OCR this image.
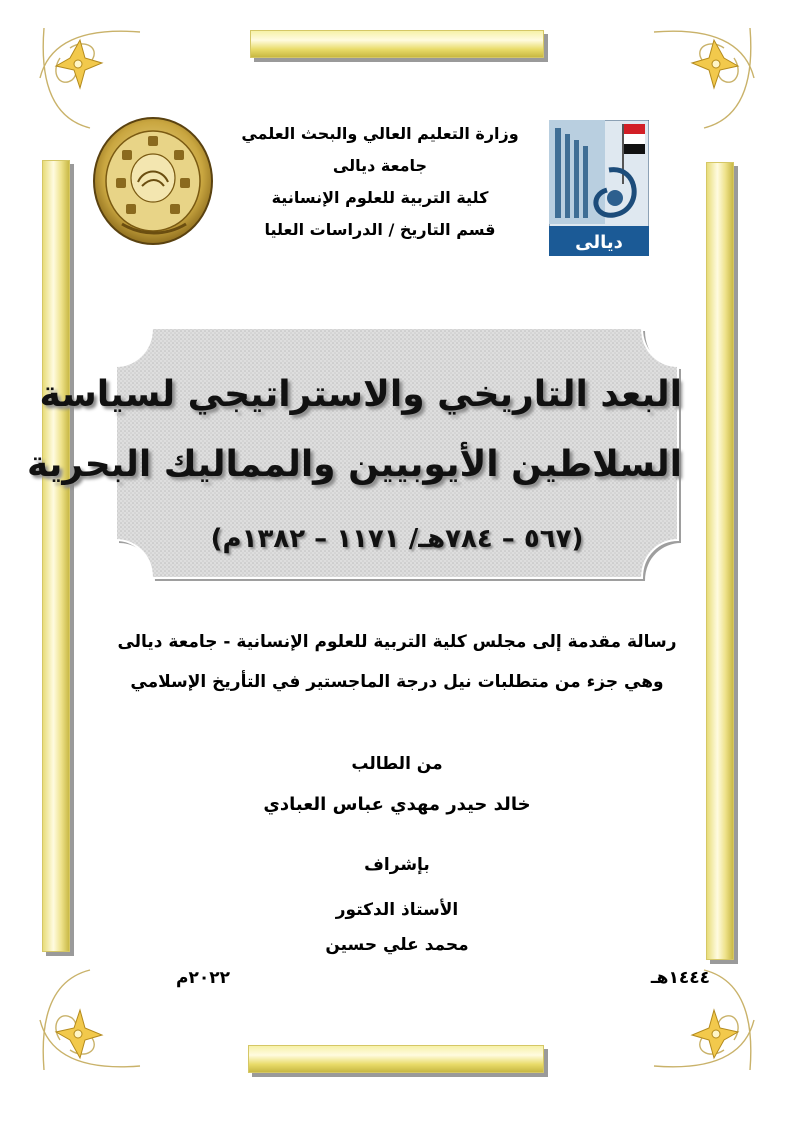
ديالى
وزارة التعليم العالي والبحث العلمي
جامعة ديالى
كلية التربية للعلوم الإنسانية
قسم التاريخ / الدراسات العليا
البعد التاريخي والاستراتيجي لسياسة
السلاطين الأيوبيين والمماليك البحرية
(٥٦٧ – ٧٨٤هـ/ ١١٧١ – ١٣٨٢م)
رسالة مقدمة إلى مجلس كلية التربية للعلوم الإنسانية - جامعة ديالى
وهي جزء من متطلبات نيل درجة الماجستير في التأريخ الإسلامي
من الطالب
خالد حيدر مهدي عباس العبادي
بإشراف
الأستاذ الدكتور
محمد علي حسين
١٤٤٤هـ
٢٠٢٢م
